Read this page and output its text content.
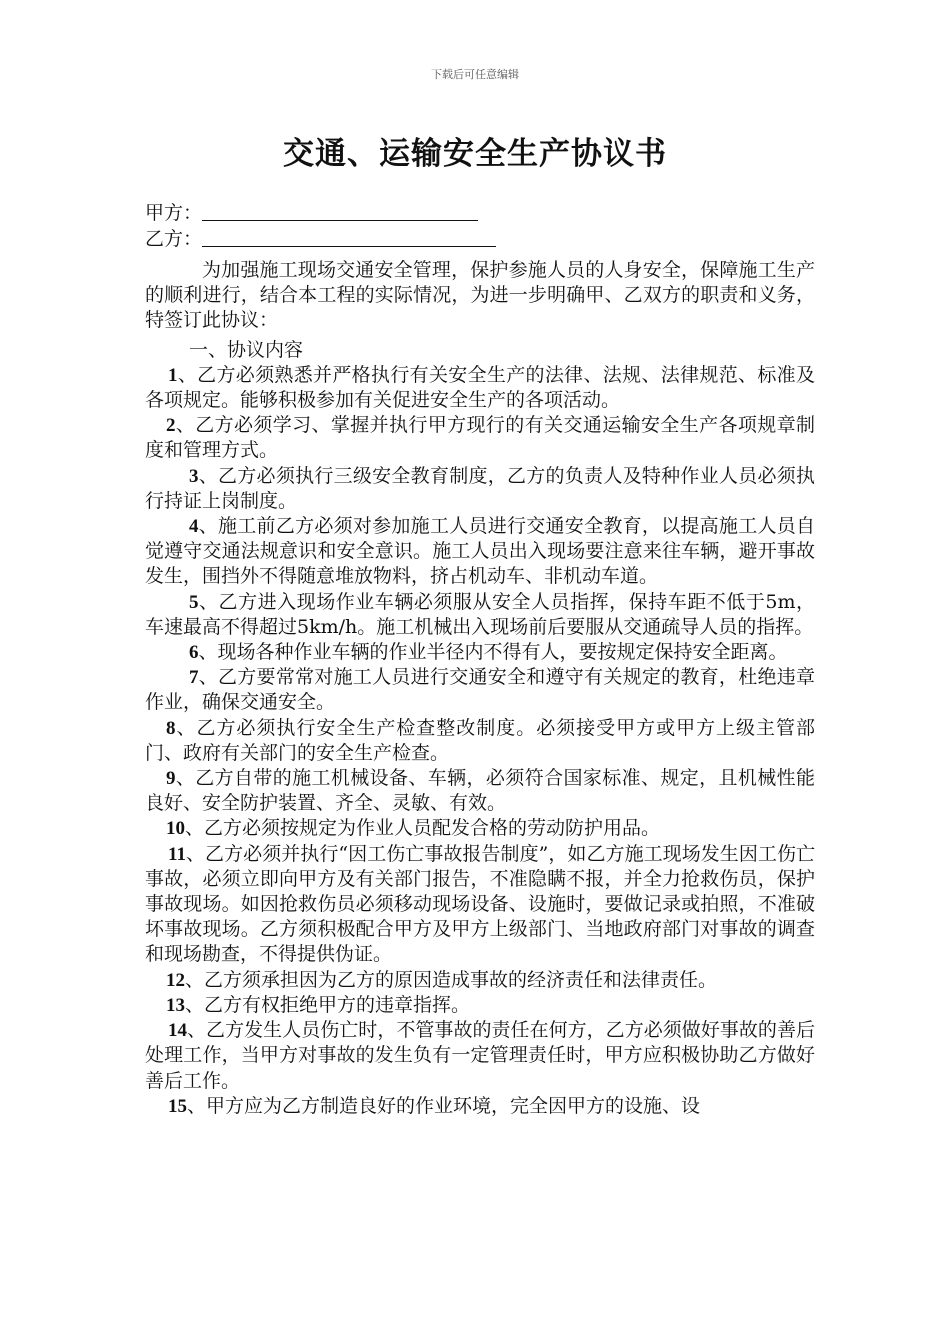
下载后可任意编辑
交通、运输安全生产协议书
甲方：
乙方：

为加强施工现场交通安全管理，保护参施人员的人身安全，保障施工生产的顺利进行，结合本工程的实际情况，为进一步明确甲、乙双方的职责和义务，特签订此协议：

一、协议内容

1、乙方必须熟悉并严格执行有关安全生产的法律、法规、法律规范、标准及各项规定。能够积极参加有关促进安全生产的各项活动。

2、乙方必须学习、掌握并执行甲方现行的有关交通运输安全生产各项规章制度和管理方式。

3、乙方必须执行三级安全教育制度，乙方的负责人及特种作业人员必须执行持证上岗制度。

4、施工前乙方必须对参加施工人员进行交通安全教育，以提高施工人员自觉遵守交通法规意识和安全意识。施工人员出入现场要注意来往车辆，避开事故发生，围挡外不得随意堆放物料，挤占机动车、非机动车道。

5、乙方进入现场作业车辆必须服从安全人员指挥，保持车距不低于5m，车速最高不得超过5km/h。施工机械出入现场前后要服从交通疏导人员的指挥。

6、现场各种作业车辆的作业半径内不得有人，要按规定保持安全距离。

7、乙方要常常对施工人员进行交通安全和遵守有关规定的教育，杜绝违章作业，确保交通安全。

8、乙方必须执行安全生产检查整改制度。必须接受甲方或甲方上级主管部门、政府有关部门的安全生产检查。

9、乙方自带的施工机械设备、车辆，必须符合国家标准、规定，且机械性能良好、安全防护装置、齐全、灵敏、有效。

10、乙方必须按规定为作业人员配发合格的劳动防护用品。

11、乙方必须并执行“因工伤亡事故报告制度”，如乙方施工现场发生因工伤亡事故，必须立即向甲方及有关部门报告，不准隐瞒不报，并全力抢救伤员，保护事故现场。如因抢救伤员必须移动现场设备、设施时，要做记录或拍照，不准破坏事故现场。乙方须积极配合甲方及甲方上级部门、当地政府部门对事故的调查和现场勘查，不得提供伪证。

12、乙方须承担因为乙方的原因造成事故的经济责任和法律责任。

13、乙方有权拒绝甲方的违章指挥。

14、乙方发生人员伤亡时，不管事故的责任在何方，乙方必须做好事故的善后处理工作，当甲方对事故的发生负有一定管理责任时，甲方应积极协助乙方做好善后工作。

15、甲方应为乙方制造良好的作业环境，完全因甲方的设施、设
